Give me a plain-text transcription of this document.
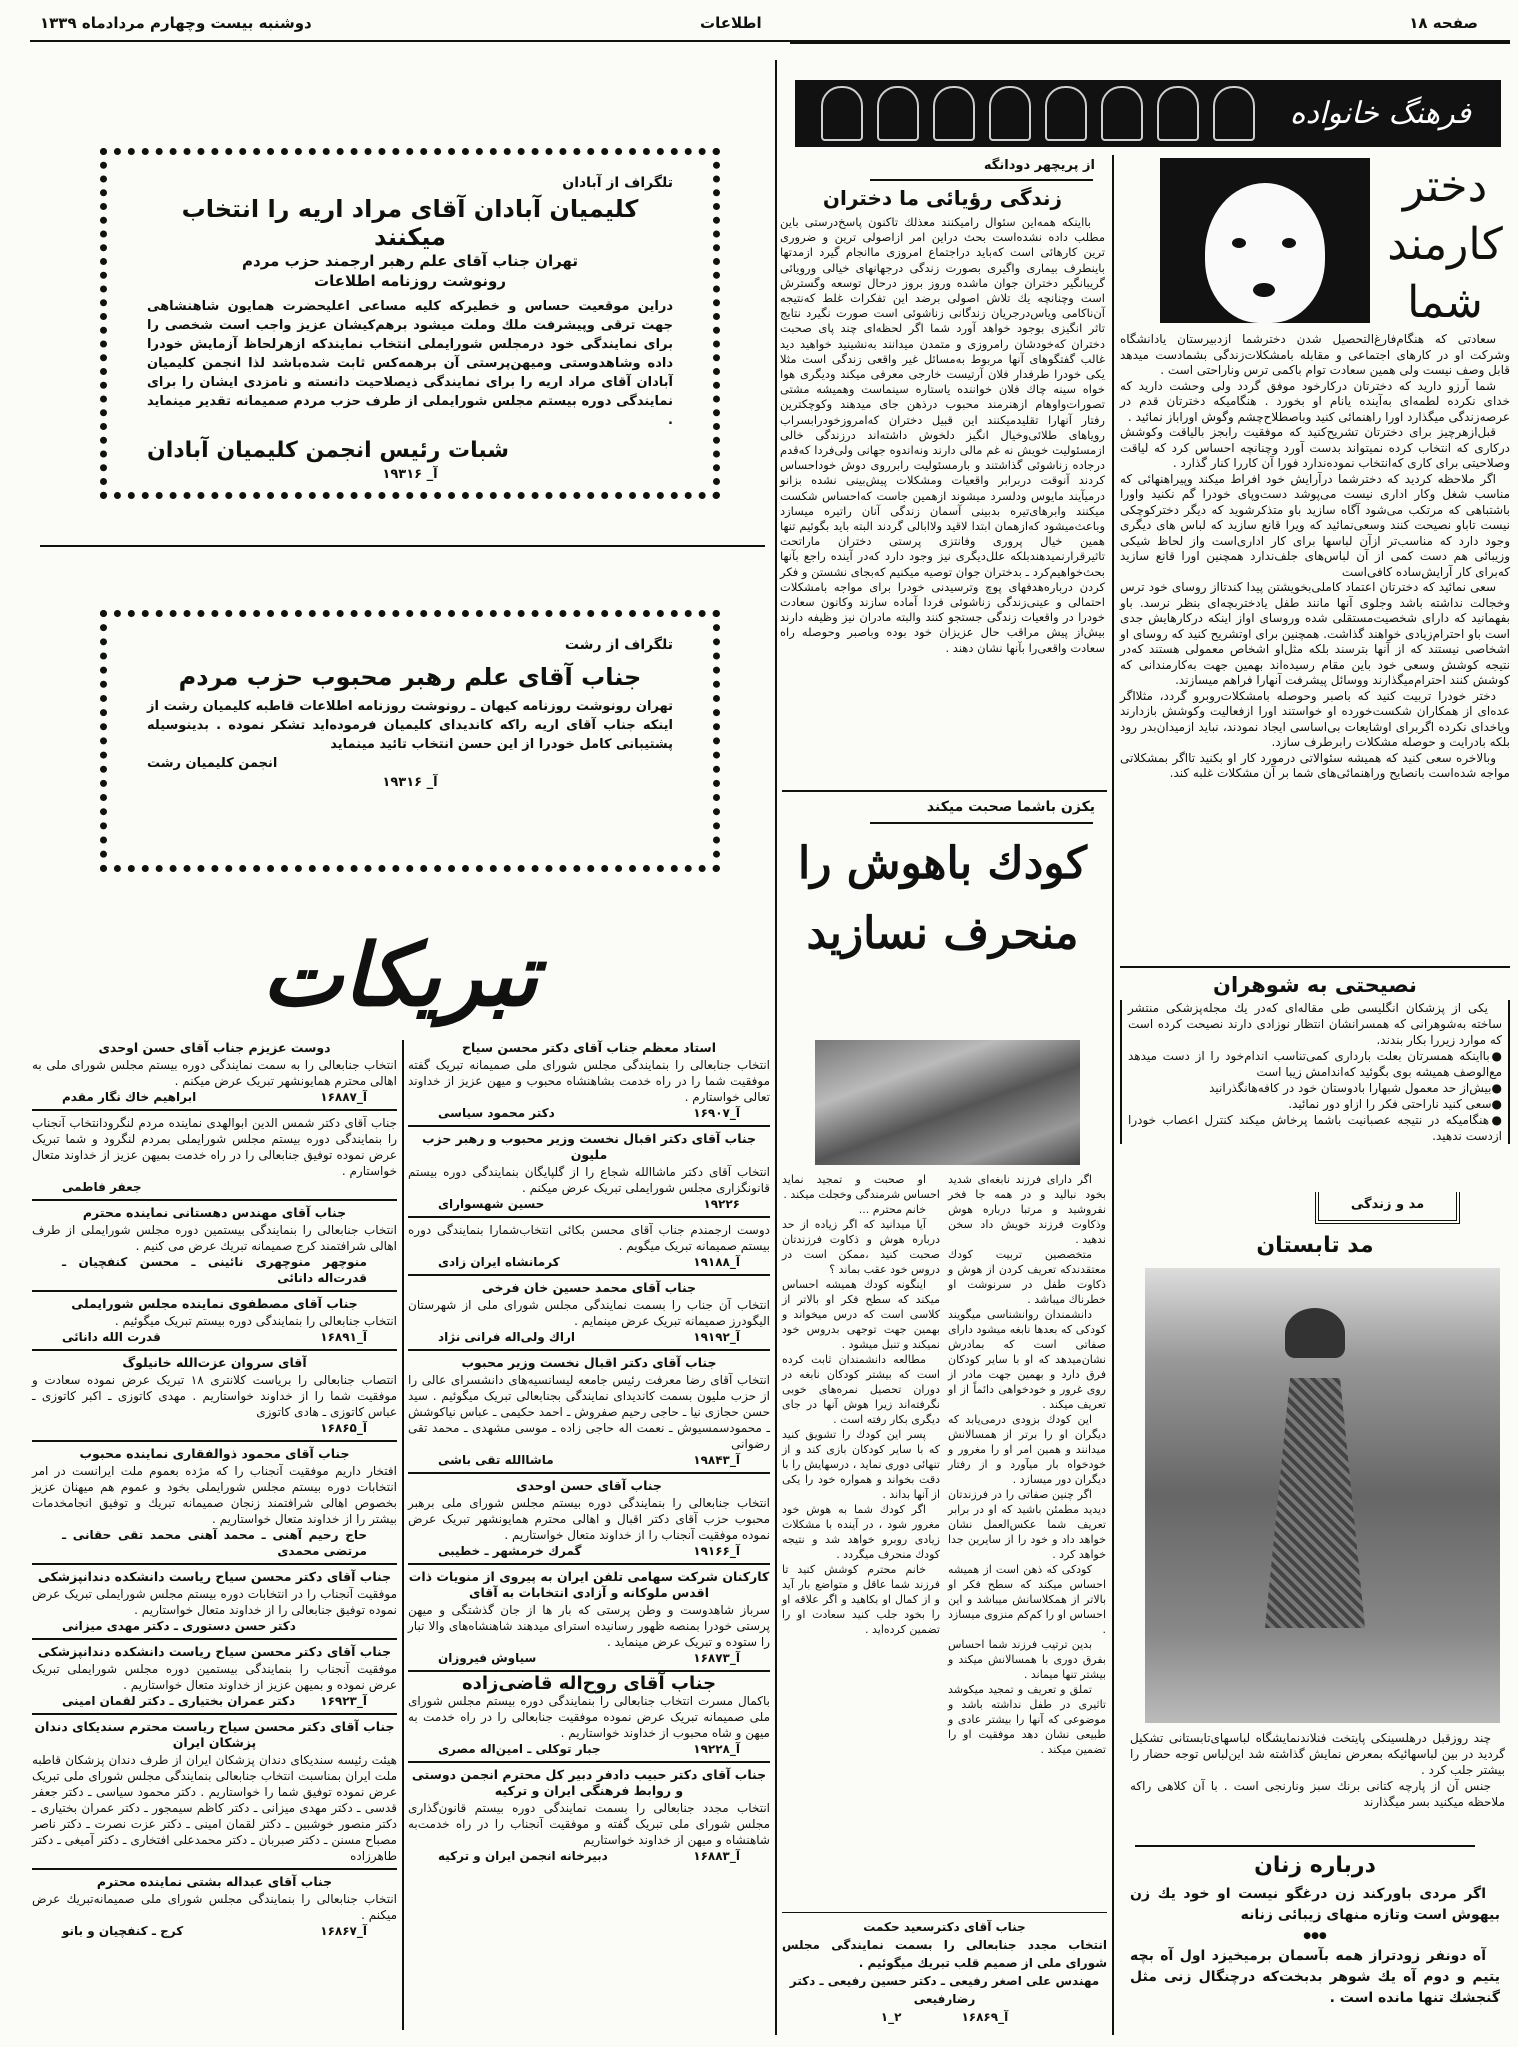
صفحه ۱۸
اطلاعات
دوشنبه بیست وچهارم مردادماه ۱۳۳۹
تلگراف از آبادان
کلیمیان آبادان آقای مراد اریه را انتخاب میکنند
تهران جناب آقای علم رهبر ارجمند حزب مردم
رونوشت روزنامه اطلاعات
دراین موقعیت حساس و خطیرکه کلیه مساعی اعلیحضرت همایون شاهنشاهی جهت ترقی وپیشرفت ملك وملت میشود برهم‌کیشان عزیز واجب است شخصی را برای نمایندگی خود درمجلس شورایملی انتخاب نمایندکه ازهرلحاظ آزمایش خودرا داده وشاهدوستی ومیهن‌پرستی آن برهمه‌کس ثابت شده‌باشد لذا انجمن کلیمیان آبادان آقای مراد اریه را برای نمایندگی ذیصلاحیت دانسته و نامزدی ایشان را برای نمایندگی دوره بیستم مجلس شورایملی از طرف حزب مردم صمیمانه تقدیر مینماید .
شبات رئیس انجمن کلیمیان آبادان
آ_ ۱۹۳۱۶
تلگراف از رشت
جناب آقای علم رهبر محبوب حزب مردم
تهران رونوشت روزنامه کیهان ـ رونوشت روزنامه اطلاعات قاطبه کلیمیان رشت از اینکه جناب آقای اریه راکه کاندیدای کلیمیان فرموده‌اید تشکر نموده . بدینوسیله پشتیبانی کامل خودرا از این حسن انتخاب تائید مینماید
انجمن کلیمیان رشت
آ_ ۱۹۳۱۶
تبریکات
استاد معظم جناب آقای دکتر محسن سیاح
انتخاب جنابعالی را بنمایندگی مجلس شورای ملی صمیمانه تبریک گفته موفقیت شما را در راه خدمت بشاهنشاه محبوب و میهن عزیز از خداوند تعالی خواستارم .
آ_۱۶۹۰۷
دکتر محمود سیاسی
جناب آقای دکتر اقبال نخست وزیر محبوب و رهبر حزب ملیون
انتخاب آقای دکتر ماشاالله شجاع را از گلپایگان بنمایندگی دوره بیستم قانونگزاری مجلس شورایملی تبریک عرض میکنم .
۱۹۲۲۶
حسین شهسوارای
دوست ارجمندم جناب آقای محسن بکائی انتخاب‌شمارا بنمایندگی دوره بیستم صمیمانه تبریک میگویم .
آ_۱۹۱۸۸
کرمانشاه ایران زادی
جناب آقای محمد حسین خان فرخی
انتخاب آن جناب را بسمت نمایندگی مجلس شورای ملی از شهرستان الیگودرز صمیمانه تبریک عرض مینمایم .
آ_۱۹۱۹۲
اراك ولی‌اله فرانی نژاد
جناب آقای دکتر اقبال نخست وزیر محبوب
انتخاب آقای رضا معرفت رئیس جامعه لیسانسیه‌های دانشسرای عالی را از حزب ملیون بسمت کاندیدای نمایندگی بجنابعالی تبریک میگوئیم . سید حسن حجازی نیا ـ حاجی رحیم صفروش ـ احمد حکیمی ـ عباس نیاکوشش ـ محمودسمسیوش ـ نعمت اله حاجی زاده ـ موسی مشهدی ـ محمد تقی رضوانی
آ_۱۹۸۴۳
ماشاالله تقی باشی
جناب آقای حسن اوحدی
انتخاب جنابعالی را بنمایندگی دوره بیستم مجلس شورای ملی برهبر محبوب حزب آقای دکتر اقبال و اهالی محترم همایونشهر تبریک عرض نموده موفقیت آنجناب را از خداوند متعال خواستاریم .
آ_۱۹۱۶۶
گمرك خرمشهر ـ خطیبی
کارکنان شرکت سهامی تلفن ایران به پیروی از منویات ذات اقدس ملوکانه و آزادی انتخابات به آقای
سرباز شاهدوست و وطن پرستی که بار ها از جان گذشتگی و میهن پرستی خودرا بمنصه ظهور رسانیده استرای میدهند شاهنشاه‌های والا تبار را ستوده و تبریک عرض مینماید .
آ_۱۶۸۷۳
سیاوش فیروزان
جناب آقای روح‌اله قاضی‌زاده
باکمال مسرت انتخاب جنابعالی را بنمایندگی دوره بیستم مجلس شورای ملی صمیمانه تبریک عرض نموده موفقیت جنابعالی را در راه خدمت به میهن و شاه محبوب از خداوند خواستاریم .
آ_۱۹۲۲۸
جبار توکلی ـ امین‌اله مصری
جناب آقای دکتر حبیب دادفر دبیر کل محترم انجمن دوستی و روابط فرهنگی ایران و ترکیه
انتخاب مجدد جنابعالی را بسمت نمایندگی دوره بیستم قانون‌گذاری مجلس شورای ملی تبریک گفته و موفقیت آنجناب را در راه خدمت‌به شاهنشاه و میهن از خداوند خواستاریم
آ_۱۶۸۸۳
دبیرخانه انجمن ایران و ترکیه
دوست عزیزم جناب آقای حسن اوحدی
انتخاب جنابعالی را به سمت نمایندگی دوره بیستم مجلس شورای ملی به اهالی محترم همایونشهر تبریک عرض میکنم .
آ_۱۶۸۸۷
ابراهیم خاك نگار مقدم
جناب آقای دکتر شمس الدین ابوالهدی نماینده مردم لنگرودانتخاب آنجناب را بنمایندگی دوره بیستم مجلس شورایملی بمردم لنگرود و شما تبریک عرض نموده توفیق جنابعالی را در راه خدمت بمیهن عزیز از خداوند متعال خواستارم .
جعفر فاطمی
جناب آقای مهندس دهستانی نماینده محترم
انتخاب جنابعالی را بنمایندگی بیستمین دوره مجلس شورایملی از طرف اهالی شرافتمند کرج صمیمانه تبریك عرض می کنیم .
منوچهر منوچهری نائینی ـ محسن کنفچیان ـ قدرت‌اله دانائی
جناب آقای مصطفوی نماینده مجلس شورایملی
انتخاب جنابعالی را بنمایندگی دوره بیستم تبریک میگوئیم .
آ_۱۶۸۹۱
قدرت الله دانائی
آقای سروان عزت‌الله خانیلوگ
انتصاب جنابعالی را بریاست کلانتری ۱۸ تبریک عرض نموده سعادت و موفقیت شما را از خداوند خواستاریم . مهدی کاتوزی ـ اکبر کاتوزی ـ عباس کاتوزی ـ هادی کاتوزی
آ_۱۶۸۶۵
جناب آقای محمود ذوالفقاری نماینده محبوب
افتخار داریم موفقیت آنجناب را که مژده بعموم ملت ایرانست در امر انتخابات دوره بیستم مجلس شورایملی بخود و عموم هم میهنان عزیز بخصوص اهالی شرافتمند زنجان صمیمانه تبریك و توفیق انجامخدمات بیشتر را از خداوند متعال خواستاریم .
حاج رحیم آهنی ـ محمد آهنی محمد تقی حقانی ـ مرتضی محمدی
جناب آقای دکتر محسن سیاح ریاست دانشکده دندانپزشکی
موفقیت آنجناب را در انتخابات دوره بیستم مجلس شورایملی تبریک عرض نموده توفیق جنابعالی را از خداوند متعال خواستاریم .
دکتر حسن دستوری ـ دکتر مهدی میزانی
جناب آقای دکتر محسن سیاح ریاست دانشکده دندانپزشکی
موفقیت آنجناب را بنمایندگی بیستمین دوره مجلس شورایملی تبریک عرض نموده و بمیهن عزیز از خداوند متعال خواستاریم .
آ_۱۶۹۲۳
دکتر عمران بختیاری ـ دکتر لقمان امینی
جناب آقای دکتر محسن سیاح ریاست محترم سندیکای دندان پزشکان ایران
هیئت رئیسه سندیکای دندان پزشکان ایران از طرف دندان پزشکان قاطبه ملت ایران بمناسبت انتخاب جنابعالی بنمایندگی مجلس شورای ملی تبریک عرض نموده توفیق شما را خواستاریم . دکتر محمود سیاسی ـ دکتر جعفر قدسی ـ دکتر مهدی میزانی ـ دکتر کاظم سیمجور ـ دکتر عمران بختیاری ـ دکتر منصور خوشبین ـ دکتر لقمان امینی ـ دکتر عزت نصرت ـ دکتر ناصر مصباح مسنن ـ دکتر صبربان ـ دکتر محمدعلی افتخاری ـ دکتر آمیغی ـ دکتر طاهرزاده
جناب آقای عبداله بشتی نماینده محترم
انتخاب جنابعالی را بنمایندگی مجلس شورای ملی صمیمانه‌تبریك عرض میکنم .
آ_۱۶۸۶۷
کرج ـ کنفچیان و بانو
فرهنگ خانواده
از پریچهر دودانگه
زندگی رؤیائی ما دختران

بااینکه همه‌این سئوال رامیکنند معذلك تاکنون پاسخ‌درستی باین مطلب داده نشده‌است بحث دراین امر ازاصولی ترین و ضروری ترین کارهائی است که‌باید دراجتماع امروزی ماانجام گیرد ازمدتها باینطرف بیماری واگیری بصورت زندگی درجهانهای خیالی ورویائی گریبانگیر دختران جوان ماشده وروز بروز درحال توسعه وگسترش است وچنانچه یك تلاش اصولی برضد این تفکرات غلط که‌نتیجه آن‌ناکامی ویاس‌درجریان زندگانی زناشوئی است صورت نگیرد نتایج تاثر انگیزی بوجود خواهد آورد شما اگر لحظه‌ای چند پای صحبت دختران که‌خودشان رامروزی و متمدن میدانند به‌نشینید خواهید دید غالب گفتگوهای آنها مربوط به‌مسائل غیر واقعی زندگی است مثلا یکی خودرا طرفدار فلان آرتیست خارجی معرفی میکند ودیگری هوا خواه سینه چاك فلان خواننده یاستاره سینماست وهمیشه مشتی تصورات‌واوهام ازهنرمند محبوب درذهن جای میدهند وکوچکترین رفتار آنهارا تقلیدمیکنند این قبیل دختران که‌امروزخودرا‌بسراب رویاهای طلائی‌وخیال انگیز دلخوش داشته‌اند درزندگی خالی ازمسئولیت خویش نه غم مالی دارند ونه‌اندوه جهانی ولی‌فردا که‌قدم درجاده زناشوئی گذاشتند و بارمسئولیت رابرروی دوش خوداحساس کردند آنوقت دربرابر واقعیات ومشکلات پیش‌بینی نشده بزانو درمیآیند مایوس ودلسرد میشوند ازهمین جاست که‌احساس شکست میکنند وابرهای‌تیره بدبینی آسمان زندگی آنان راتیره میسازد وباعث‌میشود که‌ازهمان ابتدا لاقید ولاابالی گردند البته باید بگوئیم تنها همین خیال پروری وفانتزی پرستی دختران ماراتحت تاثیرقرارنمیدهندبلکه علل‌دیگری نیز وجود دارد که‌در آینده راجع بآنها بحث‌خواهیم‌کرد ـ بدختران جوان توصیه میکنیم که‌بجای نشستن و فکر کردن درباره‌هدفهای پوچ وترسیدنی خودرا برای مواجه بامشکلات احتمالی و عینی‌زندگی زناشوئی فردا آماده سازند وکانون سعادت خودرا در واقعیات زندگی جستجو کنند والبته مادران نیز وظیفه دارند بیش‌از پیش مراقب حال عزیزان خود بوده وباصبر وحوصله راه سعادت واقعی‌را بآنها نشان دهند .

یکزن باشما صحبت میکند
کودك باهوش را
منحرف نسازید

اگر دارای فرزند نابغه‌ای شدید بخود نبالید و در همه جا فخر نفروشید و مرتبا درباره هوش وذکاوت فرزند خویش داد سخن ندهید .

متخصصین تربیت کودك معتقدندکه تعریف کردن از هوش و ذکاوت طفل در سرنوشت او خطرناك میباشد .

دانشمندان روانشناسی میگویند کودکی که بعدها نابغه میشود دارای صفاتی است که بمادرش نشان‌میدهد که او با سایر کودکان فرق دارد و بهمین جهت مادر از روی غرور و خودخواهی دائماً از او تعریف میکند .

این کودك بزودی درمی‌یابد که دیگران او را برتر از همسالانش میدانند و همین امر او را مغرور و خودخواه بار میآورد و از رفتار دیگران دور میسازد .

اگر چنین صفاتی را در فرزندتان دیدید مطمئن باشید که او در برابر تعریف شما عکس‌العمل نشان خواهد داد و خود را از سایرین جدا خواهد کرد .

کودکی که ذهن است از همیشه احساس میکند که سطح فکر او بالاتر از همکلاسانش میباشد و این احساس او را کم‌کم منزوی میسازد .

بدین ترتیب فرزند شما احساس بفرق دوری با همسالانش میکند و بیشتر تنها میماند .

تملق و تعریف و تمجید میکوشد تاثیری در طفل نداشته باشد و موضوعی که آنها را بیشتر عادی و طبیعی نشان دهد موفقیت او را تضمین میکند .

او صحبت و تمجید نماید احساس شرمندگی وخجلت میکند .

خانم محترم ...

آیا میدانید که اگر زیاده از حد درباره هوش و ذکاوت فرزندتان صحبت کنید ،ممکن است در دروس خود عقب بماند ؟

اینگونه کودك همیشه احساس میکند که سطح فکر او بالاتر از کلاسی است که درس میخواند و بهمین جهت توجهی بدروس خود نمیکند و تنبل میشود .

مطالعه دانشمندان ثابت کرده است که بیشتر کودکان نابغه در دوران تحصیل نمره‌های خوبی نگرفته‌اند زیرا هوش آنها در جای دیگری بکار رفته است .

پسر این کودك را تشویق کنید که با سایر کودکان بازی کند و از تنهائی دوری نماید ، درسهایش را با دقت بخواند و همواره خود را یکی از آنها بداند .

اگر کودك شما به هوش خود مغرور شود ، در آینده با مشکلات زیادی روبرو خواهد شد و نتیجه کودك منحرف میگردد .

خانم محترم کوشش کنید تا فرزند شما عاقل و متواضع بار آید و از کمال او بکاهید و اگر علاقه او را بخود جلب کنید سعادت او را تضمین کرده‌اید .

جناب آقای دکترسعید حکمت
انتخاب مجدد جنابعالی را بسمت نمایندگی مجلس شورای ملی از صمیم قلب تبریك میگوئیم .
مهندس علی اصغر رفیعی ـ دکتر حسین رفیعی ـ دکتر رضارفیعی
آ_۱۶۸۶۹
۲_۱
دختر
کارمند
شما

سعادتی که هنگام‌فارغ‌التحصیل شدن دخترشما ازدبیرستان یادانشگاه وشرکت او در کارهای اجتماعی و مقابله بامشکلات‌زندگی بشمادست میدهد قابل وصف نیست ولی همین سعادت توام باکمی ترس وناراحتی است .

شما آرزو دارید که دخترتان درکارخود موفق گردد ولی وحشت دارید که خدای نکرده لطمه‌ای به‌آینده یانام او بخورد . هنگامیکه دخترتان قدم در عرصه‌زندگی میگذارد اورا راهنمائی کنید وباصطلاح‌چشم وگوش اوراباز نمائید .

قبل‌ازهرچیز برای دخترتان تشریح‌کنید که موفقیت رابجز بالیاقت وکوشش درکاری که انتخاب کرده نمیتواند بدست آورد وچنانچه احساس کرد که لیاقت وصلاحیتی برای کاری که‌انتخاب نموده‌ندارد فورا آن کاررا کنار گذارد .

اگر ملاحظه کردید که دخترشما درآرایش خود افراط میکند وپیراهنهائی که مناسب شغل وکار اداری نیست می‌پوشد دست‌وپای خودرا گم نکنید واورا باشتباهی که مرتکب می‌شود آگاه سازید باو متذکرشوید که دیگر دخترکوچکی نیست تاباو نصیحت کنند وسعی‌نمائید که ویرا قانع سازید که لباس های دیگری وجود دارد که مناسب‌تر ازآن لباسها برای کار اداری‌است واز لحاظ شیکی وزیبائی هم دست کمی از آن لباس‌های جلف‌ندارد همچنین اورا قانع سازید که‌برای کار آرایش‌ساده کافی‌است

سعی نمائید که دخترتان اعتماد کاملی‌بخویشتن پیدا کندتااز روسای خود ترس وخجالت نداشته باشد وجلوی آنها مانند طفل یادختربچه‌ای بنظر نرسد. باو بفهمانید که دارای شخصیت‌مستقلی شده وروسای اواز اینکه درکارهایش جدی است باو احترام‌زیادی خواهند گذاشت. همچنین برای اوتشریح کنید که روسای او اشخاصی نیستند که از آنها بترسند بلکه مثل‌او اشخاص معمولی هستند که‌در نتیجه کوشش وسعی خود باین مقام رسیده‌اند بهمین جهت به‌کارمندانی که کوشش کنند احترام‌میگذارند ووسائل پیشرفت آنهارا فراهم میسازند.

دختر خودرا تربیت کنید که باصبر وحوصله بامشکلات‌روبرو گردد، مثلااگر عده‌ای از همکاران شکست‌خورده او خواستند اورا ازفعالیت وکوشش بازدارند ویاخدای نکرده اگربرای اوشایعات بی‌اساسی ایجاد نمودند، نباید ازمیدان‌بدر رود بلکه بادرایت و حوصله مشکلات رابرطرف سازد.

وبالاخره سعی کنید که همیشه سئوالاتی درمورد کار او بکنید تااگر بمشکلاتی مواجه شده‌است بانصایح وراهنمائی‌های شما بر آن مشکلات غلبه کند.

نصیحتی به شوهران

یکی از پزشکان انگلیسی طی مقاله‌ای که‌در یك مجله‌پزشکی منتشر ساخته به‌شوهرانی که همسرانشان انتظار نوزادی دارند نصیحت کرده است که موارد زیررا بکار بندند.

●بااینکه همسرتان بعلت بارداری کمی‌تناسب اندام‌خود را از دست میدهد مع‌الوصف همیشه بوی بگوئید که‌اندامش زیبا است
●بیش‌از حد معمول شبهارا بادوستان خود در کافه‌هانگذرانید
●سعی کنید ناراحتی فکر را ازاو دور نمائید.
●هنگامیکه در نتیجه عصبانیت باشما پرخاش میکند کنترل اعصاب خودرا ازدست ندهید.
مد و زندگی
مد تابستان

چند روز‌قبل درهلسینکی پایتخت فنلاندنمایشگاه لباسهای‌تابستانی تشکیل گردید در بین لباسهائیکه بمعرض نمایش گذاشته شد این‌لباس توجه حضار را بیشتر جلب کرد .

جنس آن از پارچه کتانی برنك سبز ونارنجی است . با آن کلاهی راکه ملاحظه میکنید بسر میگذارند

درباره زنان

اگر مردی باورکند زن درغگو نیست او خود یك زن بیهوش است وتازه منهای زیبائی زنانه

●●●

آه دونفر زودتراز همه بآسمان برمیخیزد اول آه بچه یتیم و دوم آه یك شوهر بدبخت‌که درچنگال زنی مثل گنجشك تنها مانده است .
